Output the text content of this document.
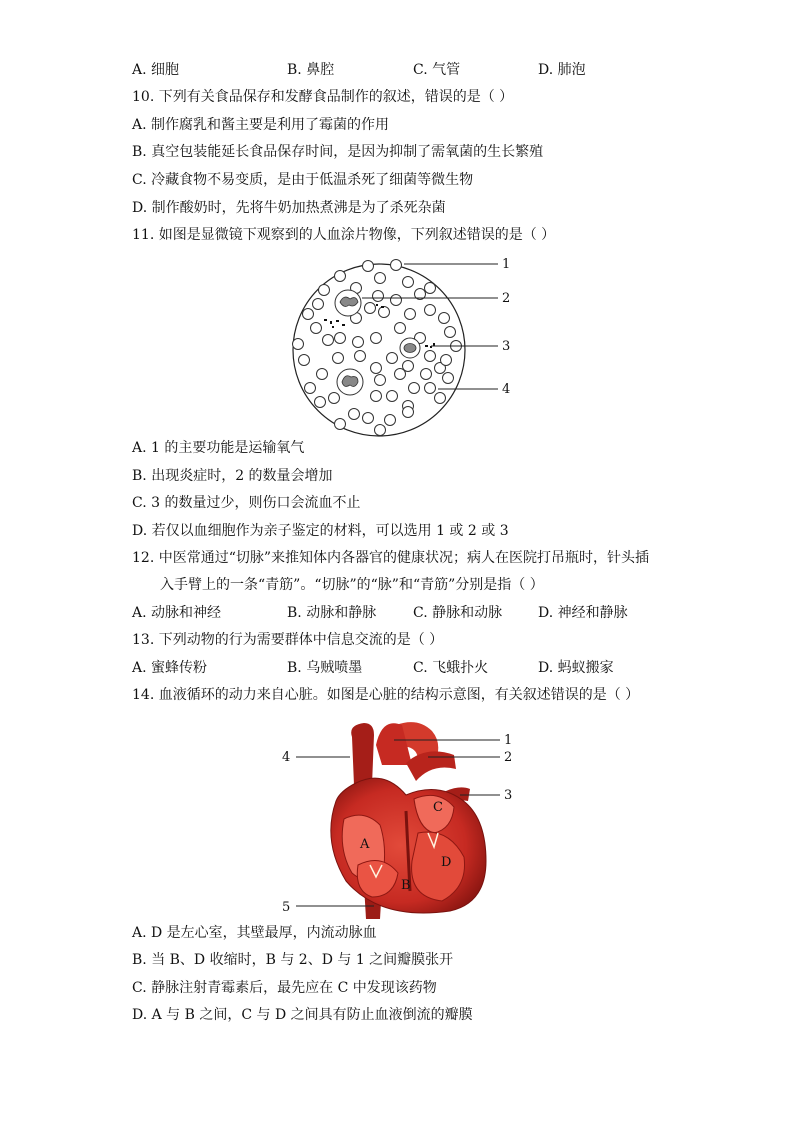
A. 细胞	B. 鼻腔	C. 气管	D. 肺泡
10. 下列有关食品保存和发酵食品制作的叙述，错误的是（ ）
A. 制作腐乳和酱主要是利用了霉菌的作用
B. 真空包装能延长食品保存时间，是因为抑制了需氧菌的生长繁殖
C. 冷藏食物不易变质，是由于低温杀死了细菌等微生物
D. 制作酸奶时，先将牛奶加热煮沸是为了杀死杂菌
11. 如图是显微镜下观察到的人血涂片物像，下列叙述错误的是（ ）
1
2
3
4
A. 1 的主要功能是运输氧气
B. 出现炎症时，2 的数量会增加
C. 3 的数量过少，则伤口会流血不止
D. 若仅以血细胞作为亲子鉴定的材料，可以选用 1 或 2 或 3
12. 中医常通过“切脉”来推知体内各器官的健康状况；病人在医院打吊瓶时，针头插
入手臂上的一条“青筋”。“切脉”的“脉”和“青筋”分别是指（ ）
A. 动脉和神经	B. 动脉和静脉	C. 静脉和动脉	D. 神经和静脉
13. 下列动物的行为需要群体中信息交流的是（ ）
A. 蜜蜂传粉	B. 乌贼喷墨	C. 飞蛾扑火	D. 蚂蚁搬家
14. 血液循环的动力来自心脏。如图是心脏的结构示意图，有关叙述错误的是（ ）
A
B
C
D
1
2
3
4
5
A. D 是左心室，其壁最厚，内流动脉血
B. 当 B、D 收缩时，B 与 2、D 与 1 之间瓣膜张开
C. 静脉注射青霉素后，最先应在 C 中发现该药物
D. A 与 B 之间，C 与 D 之间具有防止血液倒流的瓣膜
